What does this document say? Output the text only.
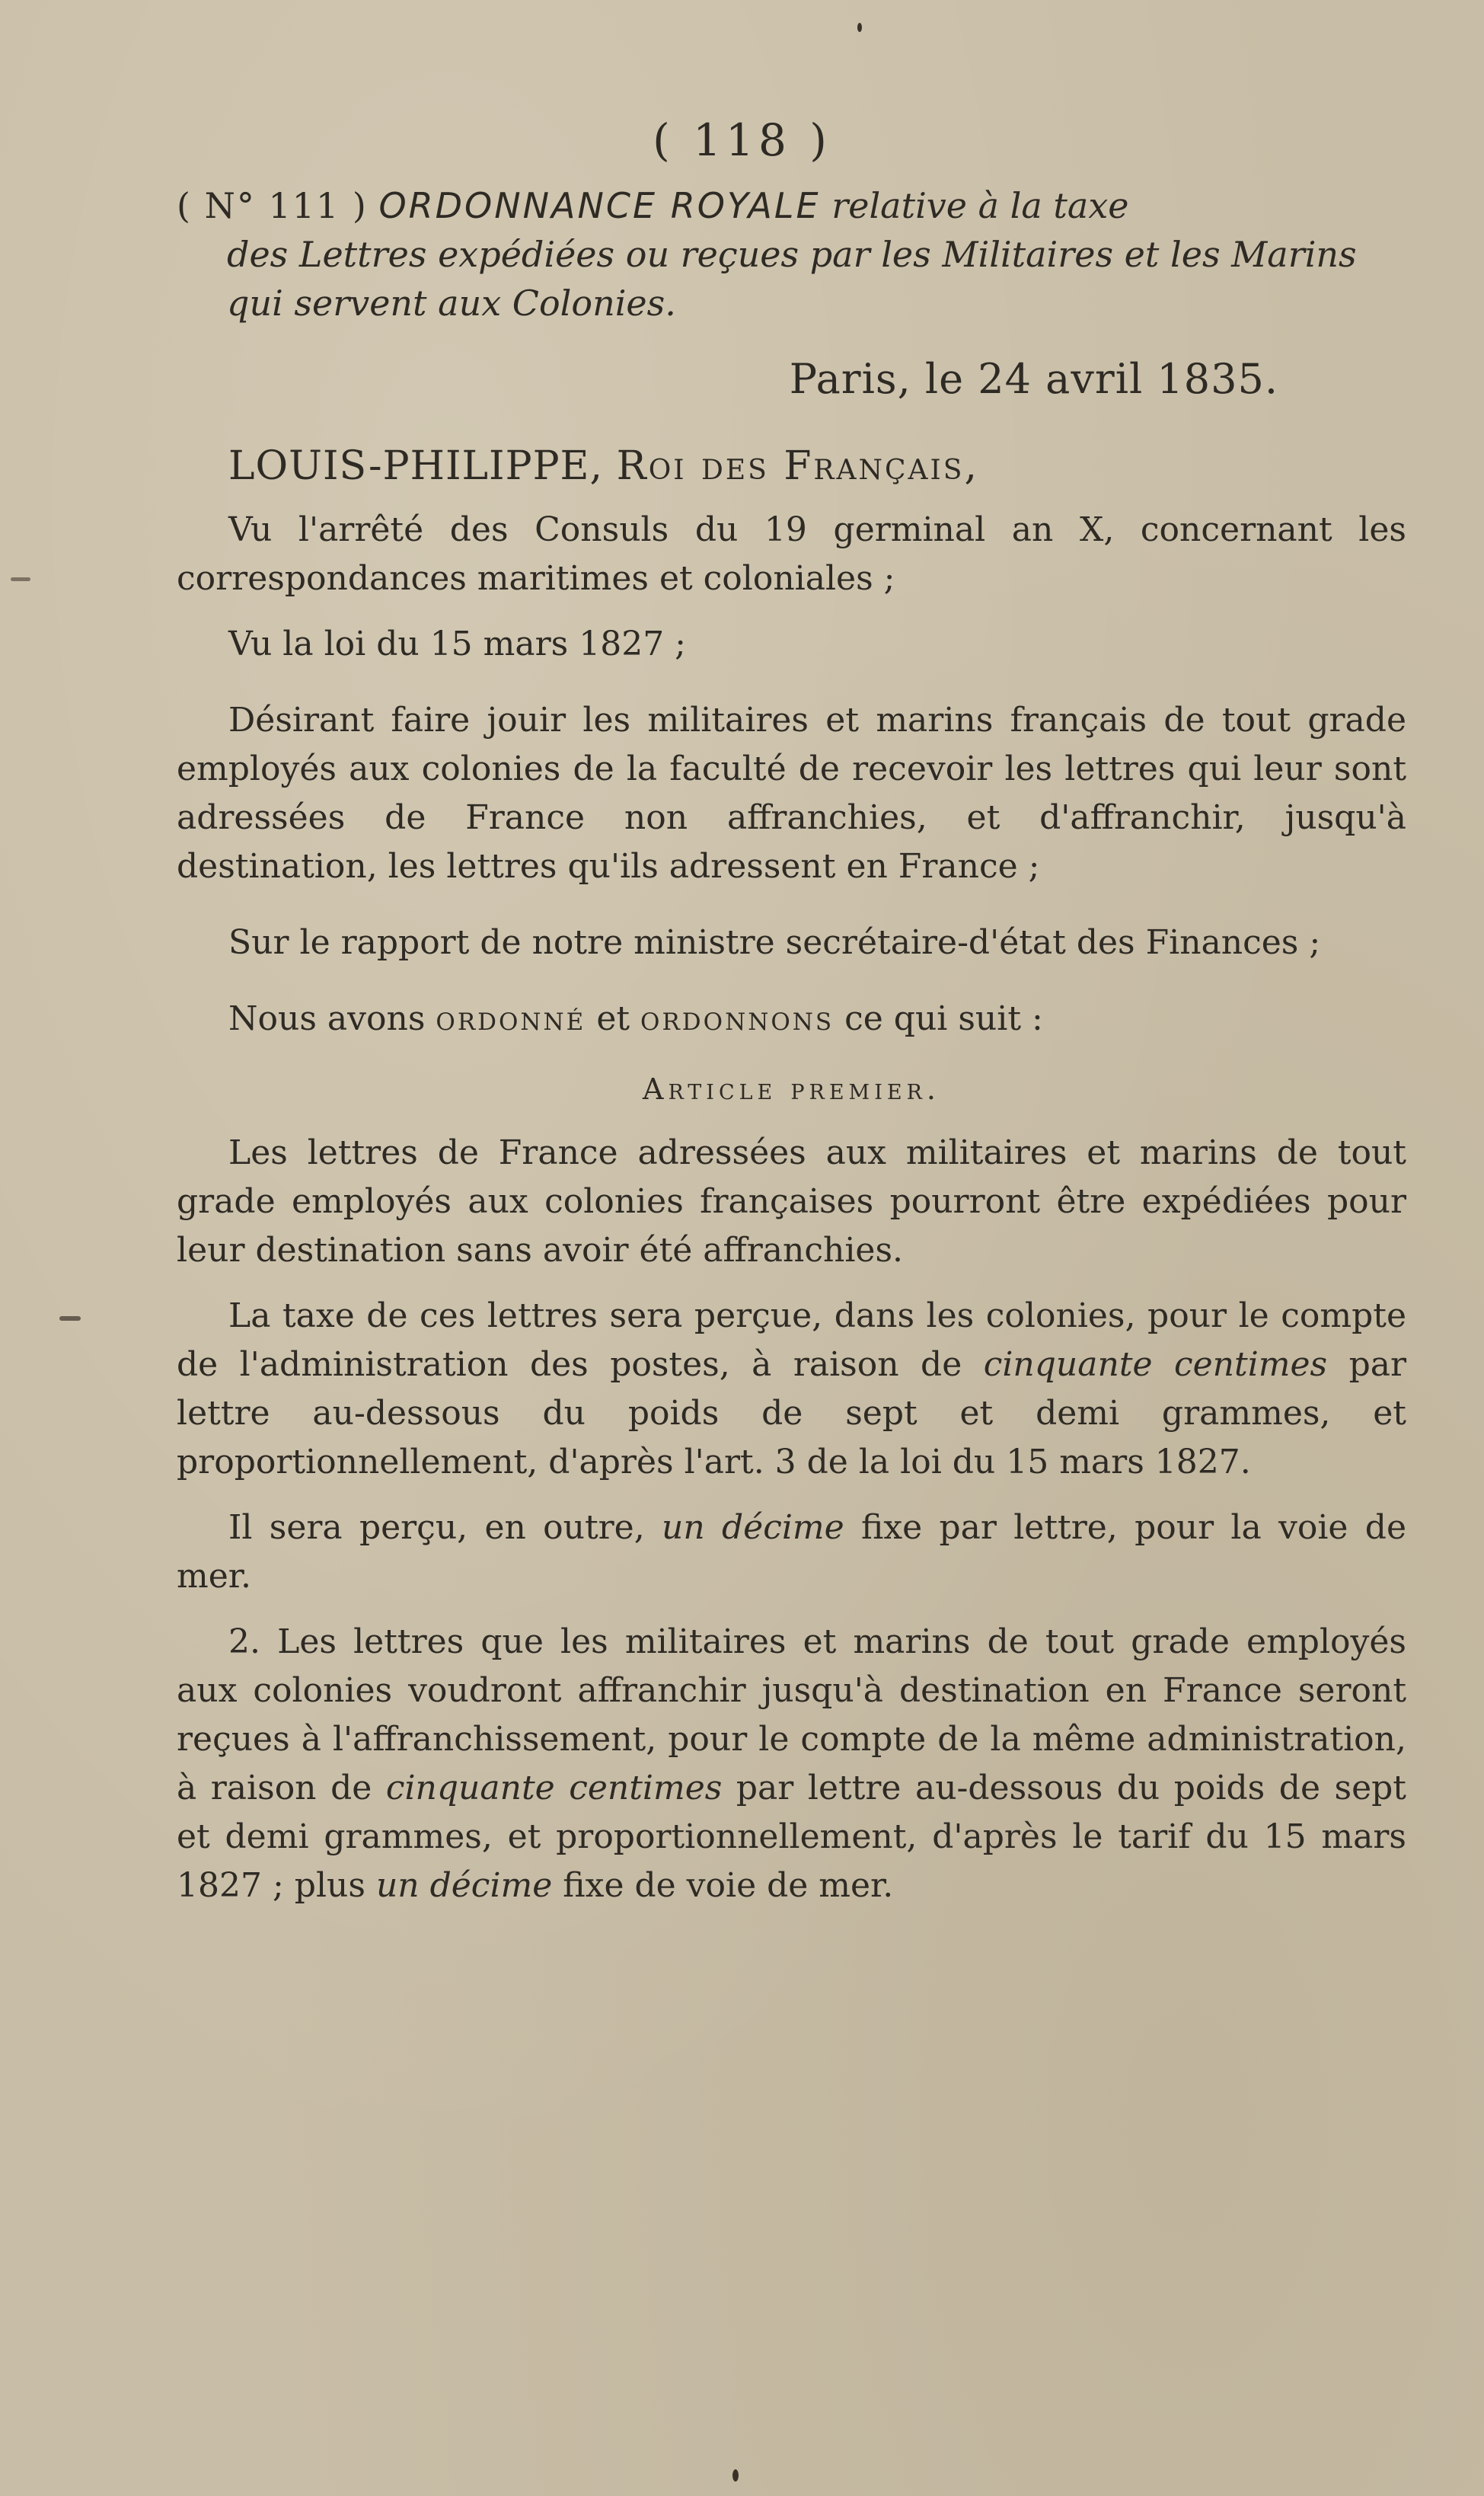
( 118 )
( N° 111 ) ORDONNANCE ROYALE relative à la taxe
des Lettres expédiées ou reçues par les Militaires et les Marins qui servent aux Colonies.
Paris, le 24 avril 1835.
LOUIS-PHILIPPE, Roi des Français,

Vu l'arrêté des Consuls du 19 germinal an X, concernant les correspondances maritimes et coloniales ;

Vu la loi du 15 mars 1827 ;

Désirant faire jouir les militaires et marins français de tout grade employés aux colonies de la faculté de recevoir les lettres qui leur sont adressées de France non affranchies, et d'affranchir, jusqu'à destination, les lettres qu'ils adressent en France ;

Sur le rapport de notre ministre secrétaire-d'état des Finances ;

Nous avons ordonné et ordonnons ce qui suit :

Article premier.

Les lettres de France adressées aux militaires et marins de tout grade employés aux colonies françaises pourront être expédiées pour leur destination sans avoir été affranchies.

La taxe de ces lettres sera perçue, dans les colonies, pour le compte de l'administration des postes, à raison de cinquante centimes par lettre au-dessous du poids de sept et demi grammes, et proportionnellement, d'après l'art. 3 de la loi du 15 mars 1827.

Il sera perçu, en outre, un décime fixe par lettre, pour la voie de mer.

2. Les lettres que les militaires et marins de tout grade employés aux colonies voudront affranchir jusqu'à destination en France seront reçues à l'affranchissement, pour le compte de la même administration, à raison de cinquante centimes par lettre au-dessous du poids de sept et demi grammes, et proportionnellement, d'après le tarif du 15 mars 1827 ; plus un décime fixe de voie de mer.
